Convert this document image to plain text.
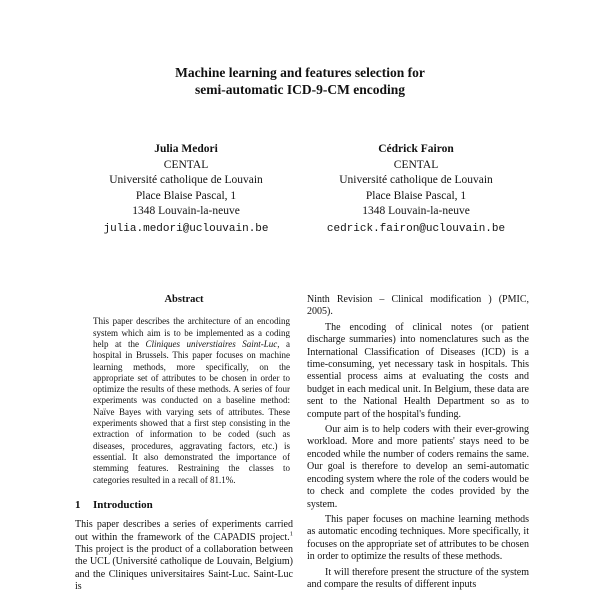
Machine learning and features selection for
semi-automatic ICD-9-CM encoding
Julia Medori
CENTAL
Université catholique de Louvain
Place Blaise Pascal, 1
1348 Louvain-la-neuve
julia.medori@uclouvain.be
Cédrick Fairon
CENTAL
Université catholique de Louvain
Place Blaise Pascal, 1
1348 Louvain-la-neuve
cedrick.fairon@uclouvain.be
Abstract

This paper describes the architecture of an encoding system which aim is to be implemented as a coding help at the Cliniques universtiaires Saint-Luc, a hospital in Brussels. This paper focuses on machine learning methods, more specifically, on the appropriate set of attributes to be chosen in order to optimize the results of these methods. A series of four experiments was conducted on a baseline method: Naïve Bayes with varying sets of attributes. These experiments showed that a first step consisting in the extraction of information to be coded (such as diseases, procedures, aggravating factors, etc.) is essential. It also demonstrated the importance of stemming features. Restraining the classes to categories resulted in a recall of 81.1%.

1 Introduction

This paper describes a series of experiments carried out within the framework of the CAPADIS project.$^1$ This project is the product of a collaboration between the UCL (Université catholique de Louvain, Belgium) and the Cliniques universitaires Saint-Luc. Saint-Luc is

Ninth Revision – Clinical modification ) (PMIC, 2005).

The encoding of clinical notes (or patient discharge summaries) into nomenclatures such as the International Classification of Diseases (ICD) is a time-consuming, yet necessary task in hospitals. This essential process aims at evaluating the costs and budget in each medical unit. In Belgium, these data are sent to the National Health Department so as to compute part of the hospital's funding.

Our aim is to help coders with their ever-growing workload. More and more patients' stays need to be encoded while the number of coders remains the same. Our goal is therefore to develop an semi-automatic encoding system where the role of the coders would be to check and complete the codes provided by the system.

This paper focuses on machine learning methods as automatic encoding techniques. More specifically, it focuses on the appropriate set of attributes to be chosen in order to optimize the results of these methods.

It will therefore present the structure of the system and compare the results of different inputs
